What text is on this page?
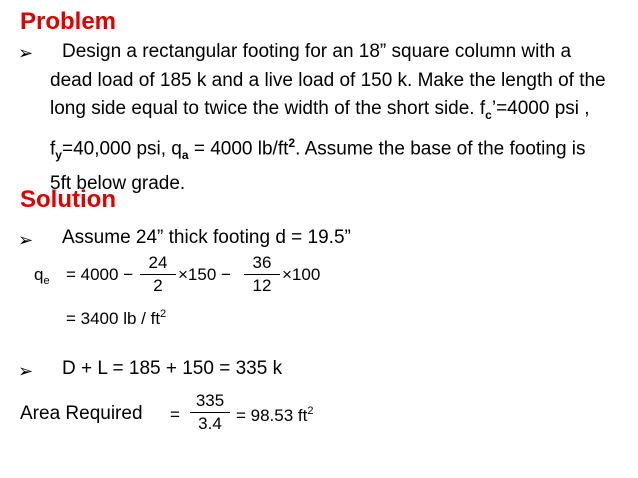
Problem
➢	Design a rectangular footing for an 18” square column with a dead load of 185 k and a live load of 150 k. Make the length of the long side equal to twice the width of the short side. $f_c’=4000$ psi , $f_y=40,000$ psi, $q_a = 4000$ $lb/ft^2$. Assume the base of the footing is 5ft below grade.
Solution
➢ Assume 24” thick footing d = 19.5”
$q_e = 4000 - \frac{24}{2} \times 150 - \frac{36}{12} \times 100$
= 3400 lb / $ft^2$
➢ D + L = 185 + 150 = 335 k
Area Required = $\frac{335}{3.4} = 98.53$ $ft^2$
